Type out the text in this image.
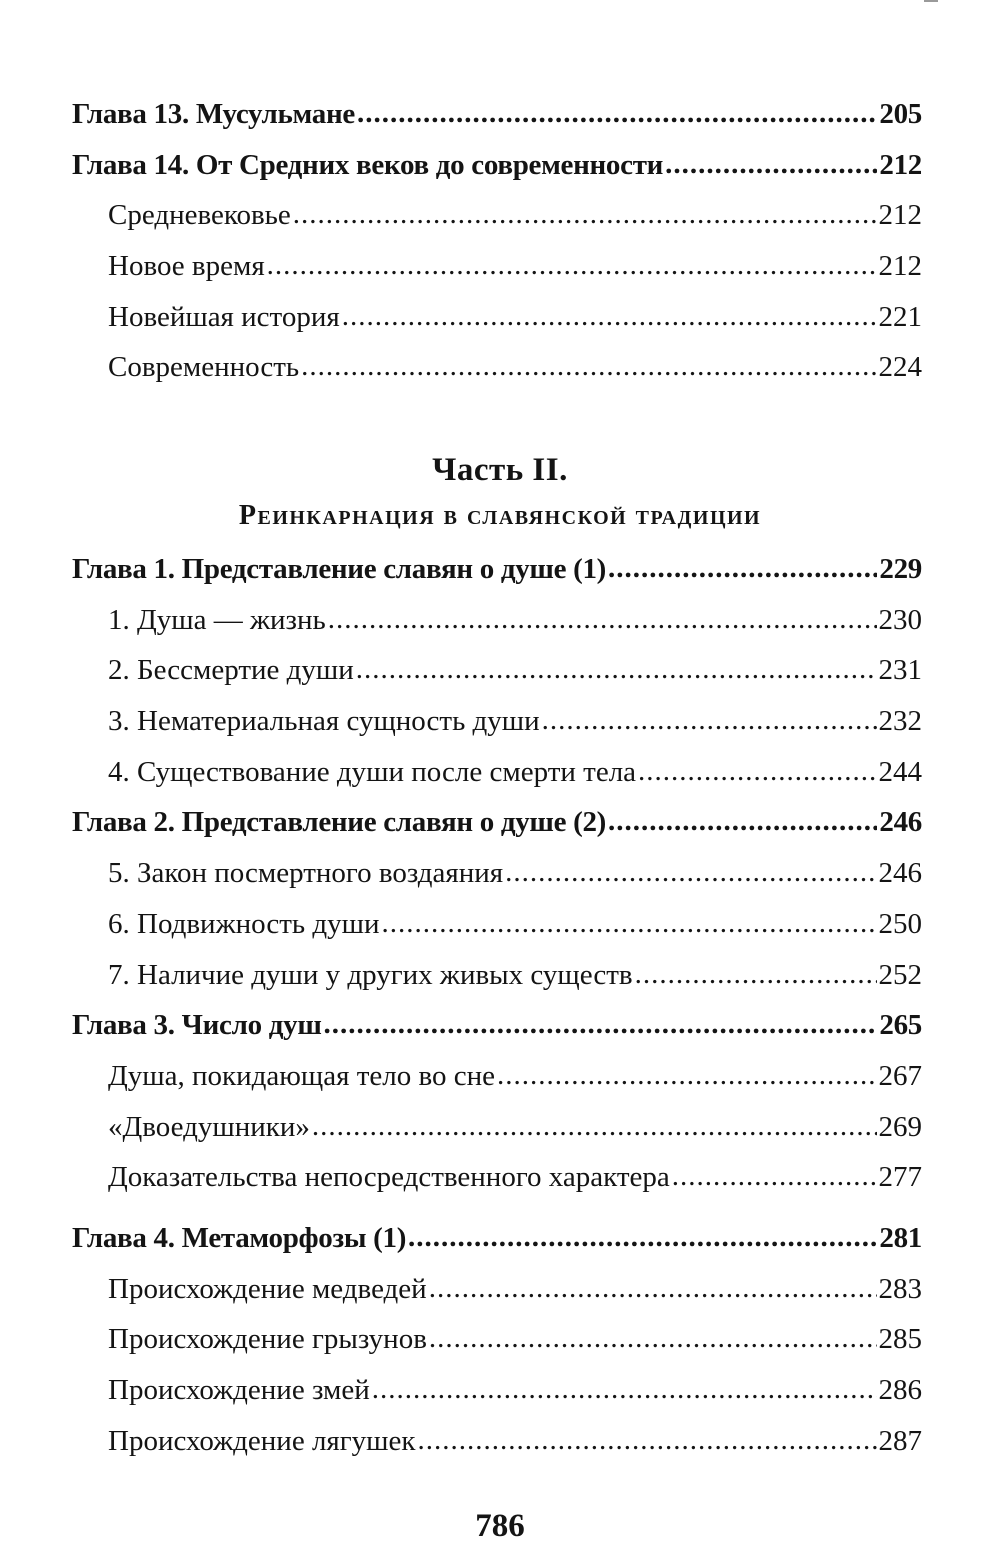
Глава 13. Мусульмане .....	205
Глава 14. От Средних веков до современности .....	212
Средневековье .....	212
Новое время .....	212
Новейшая история .....	221
Современность .....	224
Часть II.
Реинкарнация в славянской традиции
Глава 1. Представление славян о душе (1) .....	229
1. Душа — жизнь .....	230
2. Бессмертие души .....	231
3. Нематериальная сущность души .....	232
4. Существование души после смерти тела .....	244
Глава 2. Представление славян о душе (2) .....	246
5. Закон посмертного воздаяния .....	246
6. Подвижность души .....	250
7. Наличие души у других живых существ .....	252
Глава 3. Число душ .....	265
Душа, покидающая тело во сне .....	267
«Двоедушники» .....	269
Доказательства непосредственного характера .....	277
Глава 4. Метаморфозы (1) .....	281
Происхождение медведей .....	283
Происхождение грызунов .....	285
Происхождение змей .....	286
Происхождение лягушек .....	287
786
